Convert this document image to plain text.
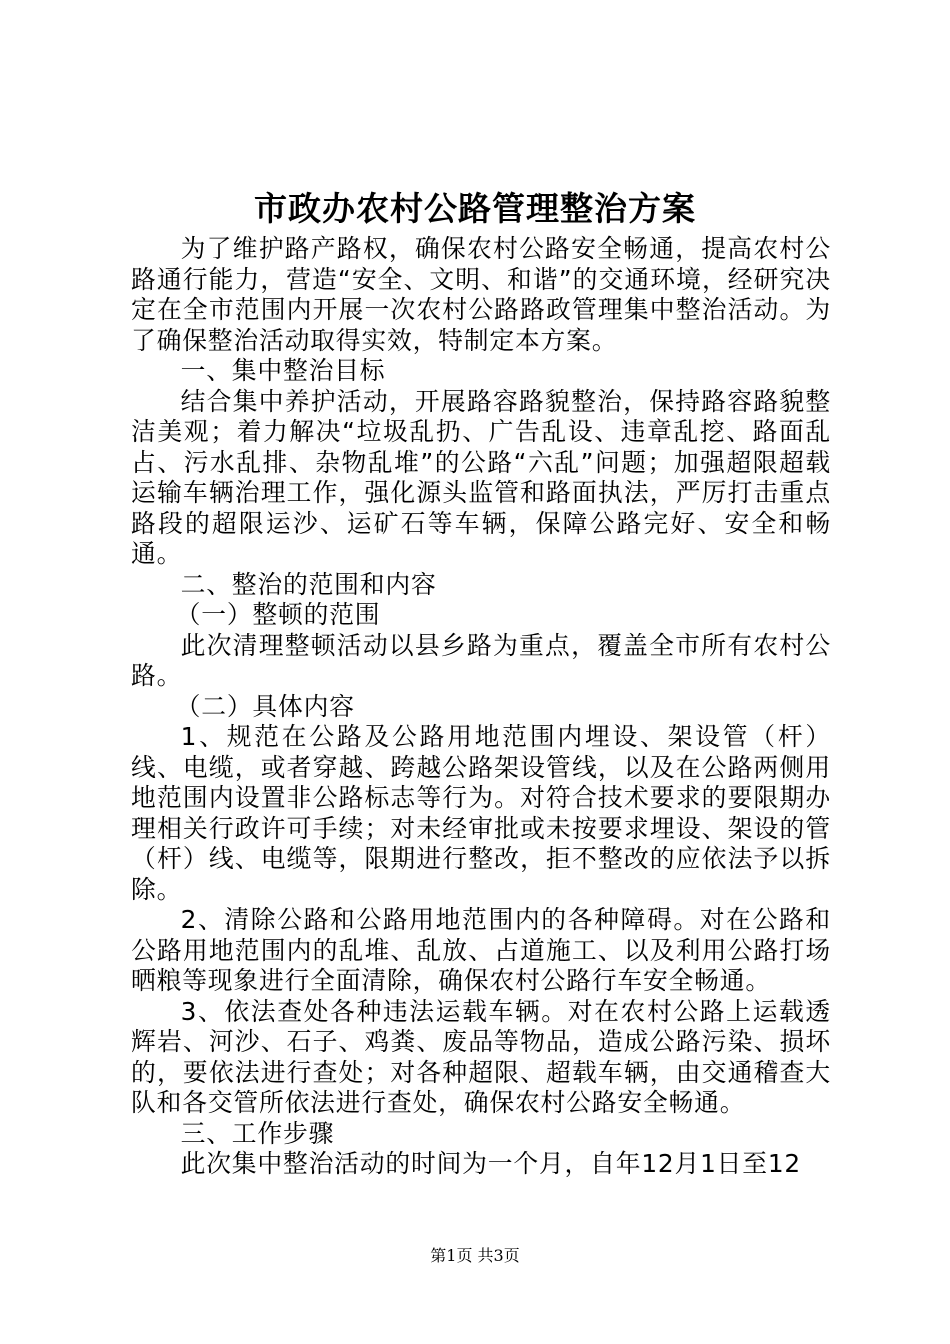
市政办农村公路管理整治方案

为了维护路产路权，确保农村公路安全畅通，提高农村公路通行能力，营造“安全、文明、和谐”的交通环境，经研究决定在全市范围内开展一次农村公路路政管理集中整治活动。为了确保整治活动取得实效，特制定本方案。

一、集中整治目标

结合集中养护活动，开展路容路貌整治，保持路容路貌整洁美观；着力解决“垃圾乱扔、广告乱设、违章乱挖、路面乱占、污水乱排、杂物乱堆”的公路“六乱”问题；加强超限超载运输车辆治理工作，强化源头监管和路面执法，严厉打击重点路段的超限运沙、运矿石等车辆，保障公路完好、安全和畅通。

二、整治的范围和内容

（一）整顿的范围

此次清理整顿活动以县乡路为重点，覆盖全市所有农村公路。

（二）具体内容

1、规范在公路及公路用地范围内埋设、架设管（杆）线、电缆，或者穿越、跨越公路架设管线，以及在公路两侧用地范围内设置非公路标志等行为。对符合技术要求的要限期办理相关行政许可手续；对未经审批或未按要求埋设、架设的管（杆）线、电缆等，限期进行整改，拒不整改的应依法予以拆除。

2、清除公路和公路用地范围内的各种障碍。对在公路和公路用地范围内的乱堆、乱放、占道施工、以及利用公路打场晒粮等现象进行全面清除，确保农村公路行车安全畅通。

3、依法查处各种违法运载车辆。对在农村公路上运载透辉岩、河沙、石子、鸡粪、废品等物品，造成公路污染、损坏的，要依法进行查处；对各种超限、超载车辆，由交通稽查大队和各交管所依法进行查处，确保农村公路安全畅通。

三、工作步骤

此次集中整治活动的时间为一个月，自年12月1日至12

第1页 共3页
